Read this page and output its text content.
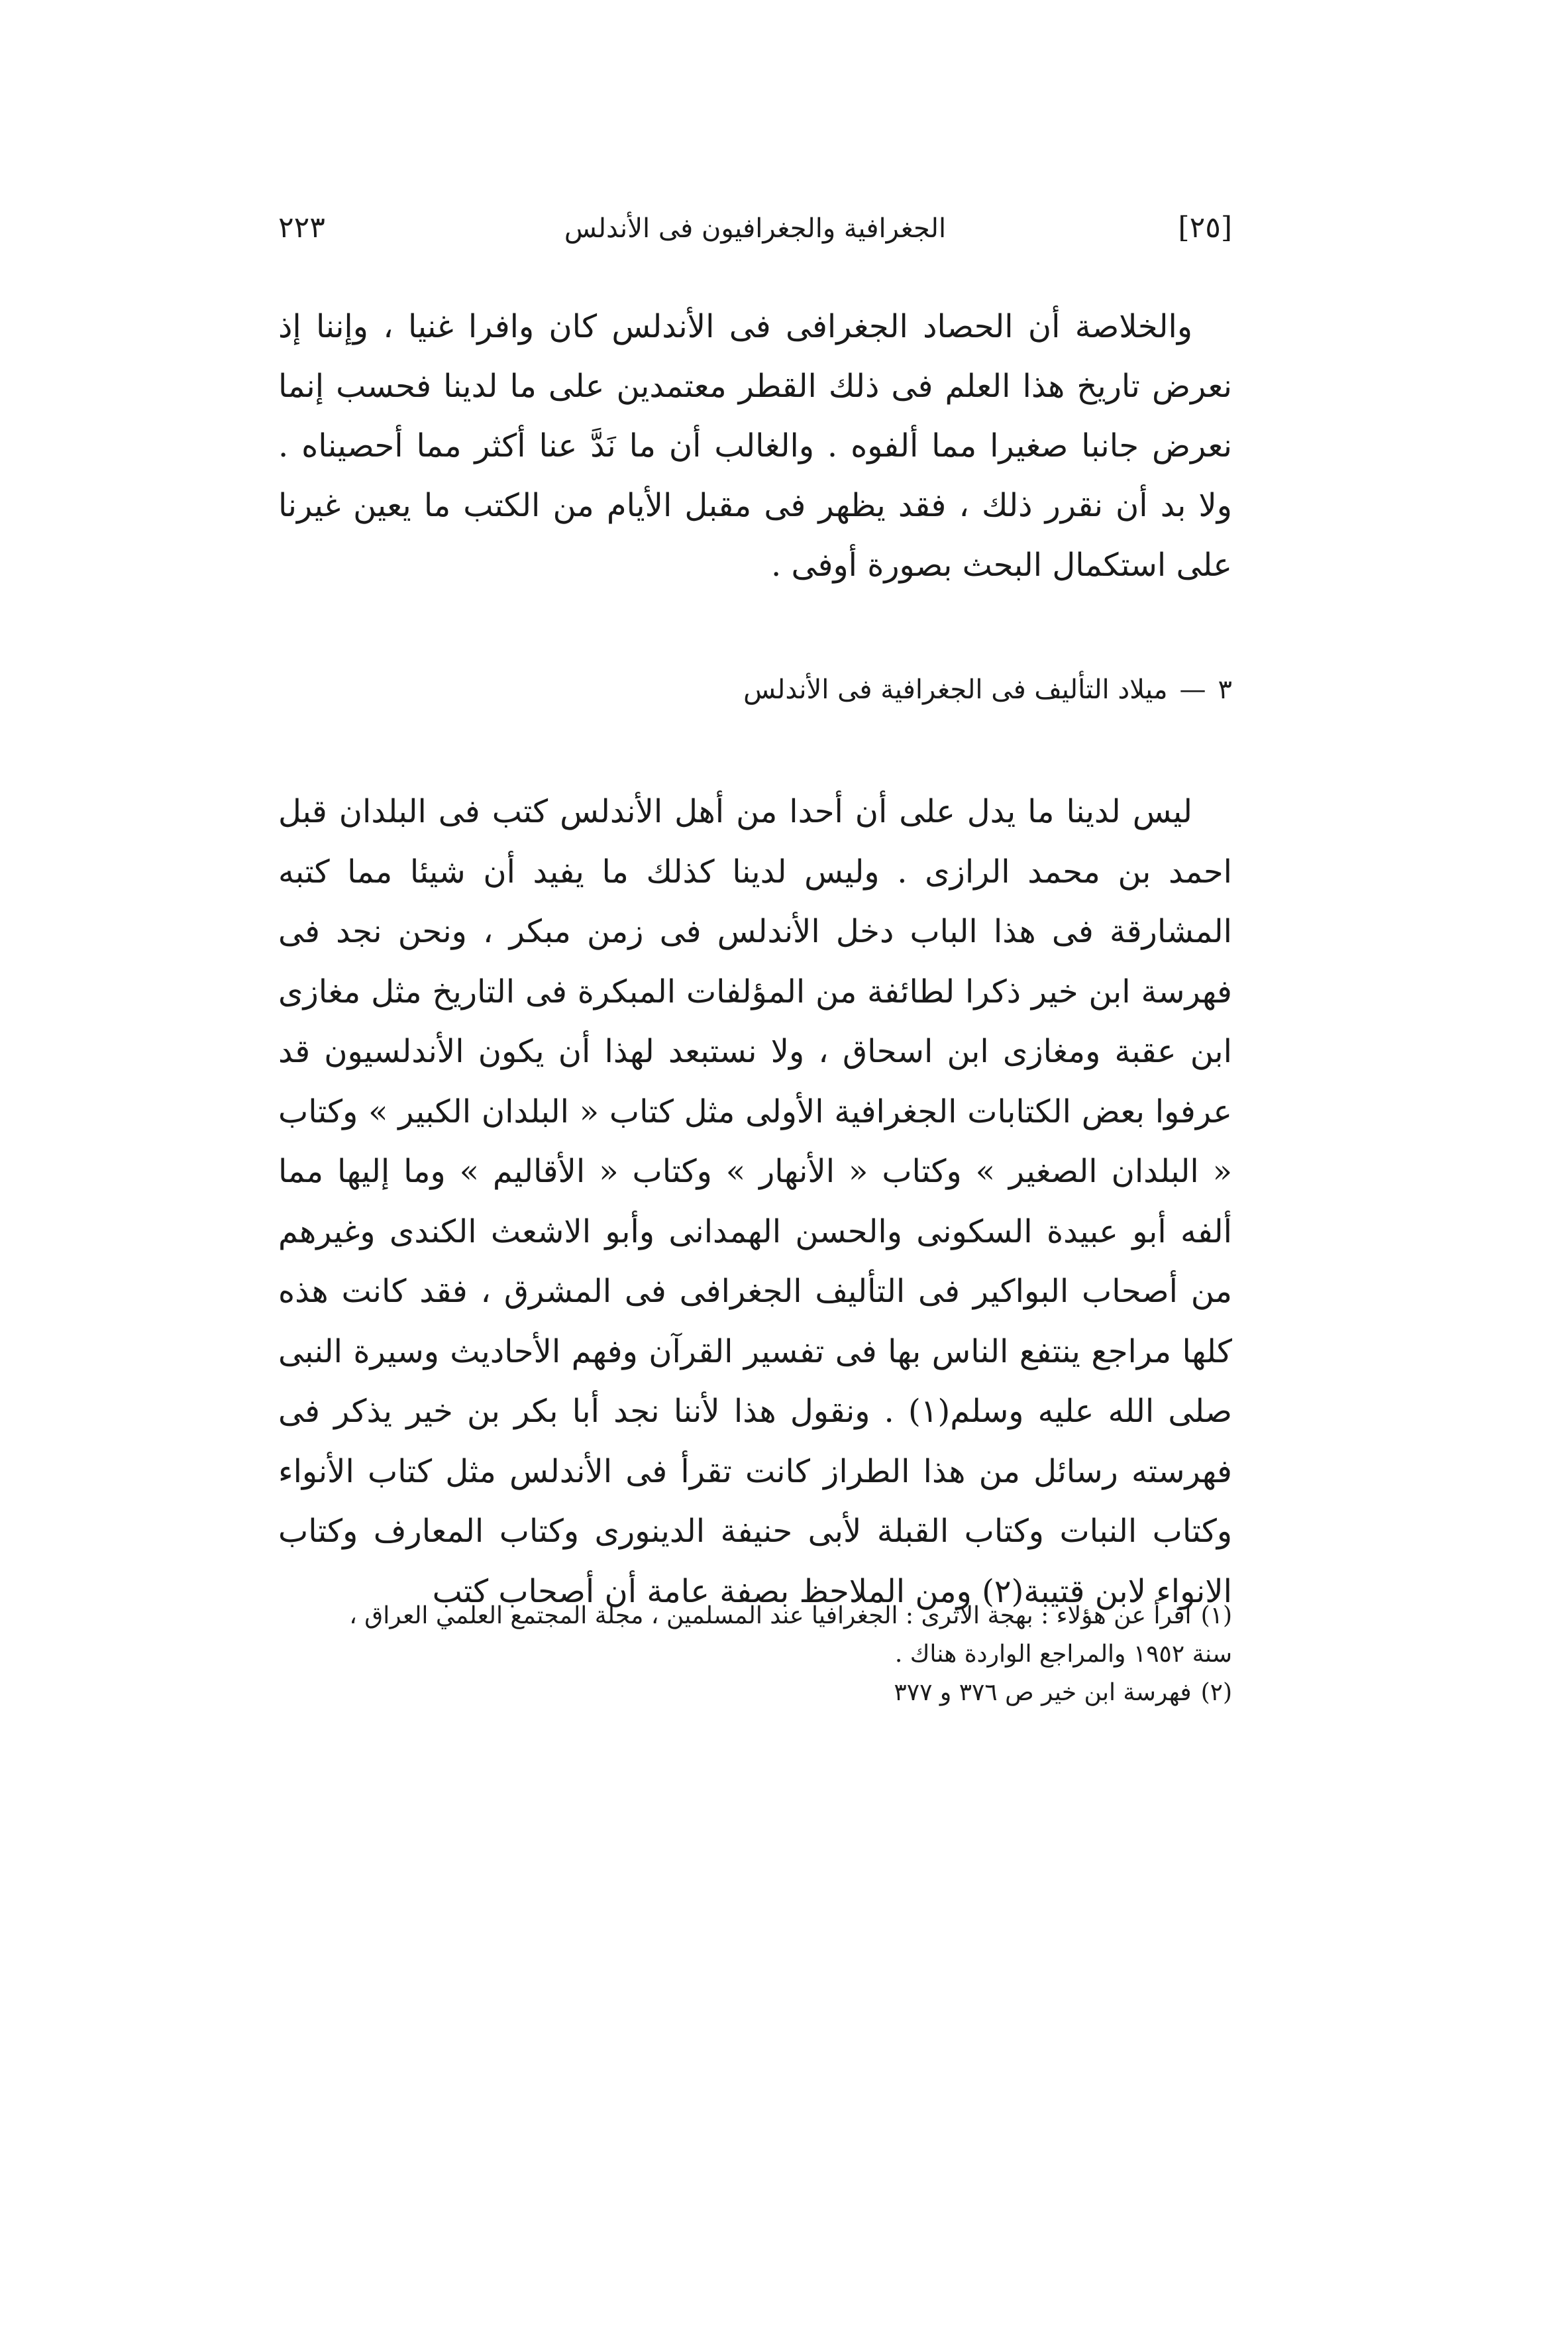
٢٢٣	الجغرافية والجغرافيون فى الأندلس	[٢٥]

والخلاصة أن الحصاد الجغرافى فى الأندلس كان وافرا غنيا ، وإننا إذ نعرض تاريخ هذا العلم فى ذلك القطر معتمدين على ما لدينا فحسب إنما نعرض جانبا صغيرا مما ألفوه . والغالب أن ما نَدَّ عنا أكثر مما أحصيناه . ولا بد أن نقرر ذلك ، فقد يظهر فى مقبل الأيام من الكتب ما يعين غيرنا على استكمال البحث بصورة أوفى .

٣—ميلاد التأليف فى الجغرافية فى الأندلس

ليس لدينا ما يدل على أن أحدا من أهل الأندلس كتب فى البلدان قبل احمد بن محمد الرازى . وليس لدينا كذلك ما يفيد أن شيئا مما كتبه المشارقة فى هذا الباب دخل الأندلس فى زمن مبكر ، ونحن نجد فى فهرسة ابن خير ذكرا لطائفة من المؤلفات المبكرة فى التاريخ مثل مغازى ابن عقبة ومغازى ابن اسحاق ، ولا نستبعد لهذا أن يكون الأندلسيون قد عرفوا بعض الكتابات الجغرافية الأولى مثل كتاب « البلدان الكبير » وكتاب « البلدان الصغير » وكتاب « الأنهار » وكتاب « الأقاليم » وما إليها مما ألفه أبو عبيدة السكونى والحسن الهمدانى وأبو الاشعث الكندى وغيرهم من أصحاب البواكير فى التأليف الجغرافى فى المشرق ، فقد كانت هذه كلها مراجع ينتفع الناس بها فى تفسير القرآن وفهم الأحاديث وسيرة النبى صلى الله عليه وسلم(١) . ونقول هذا لأننا نجد أبا بكر بن خير يذكر فى فهرسته رسائل من هذا الطراز كانت تقرأ فى الأندلس مثل كتاب الأنواء وكتاب النبات وكتاب القبلة لأبى حنيفة الدينورى وكتاب المعارف وكتاب الانواء لابن قتيبة(٢) ومن الملاحظ بصفة عامة أن أصحاب كتب

(١)اقرأ عن هؤلاء : بهجة الاثرى : الجغرافيا عند المسلمين ، مجلة المجتمع العلمي العراق ،
سنة ١٩٥٢ والمراجع الواردة هناك .

(٢)فهرسة ابن خير ص ٣٧٦ و ٣٧٧
